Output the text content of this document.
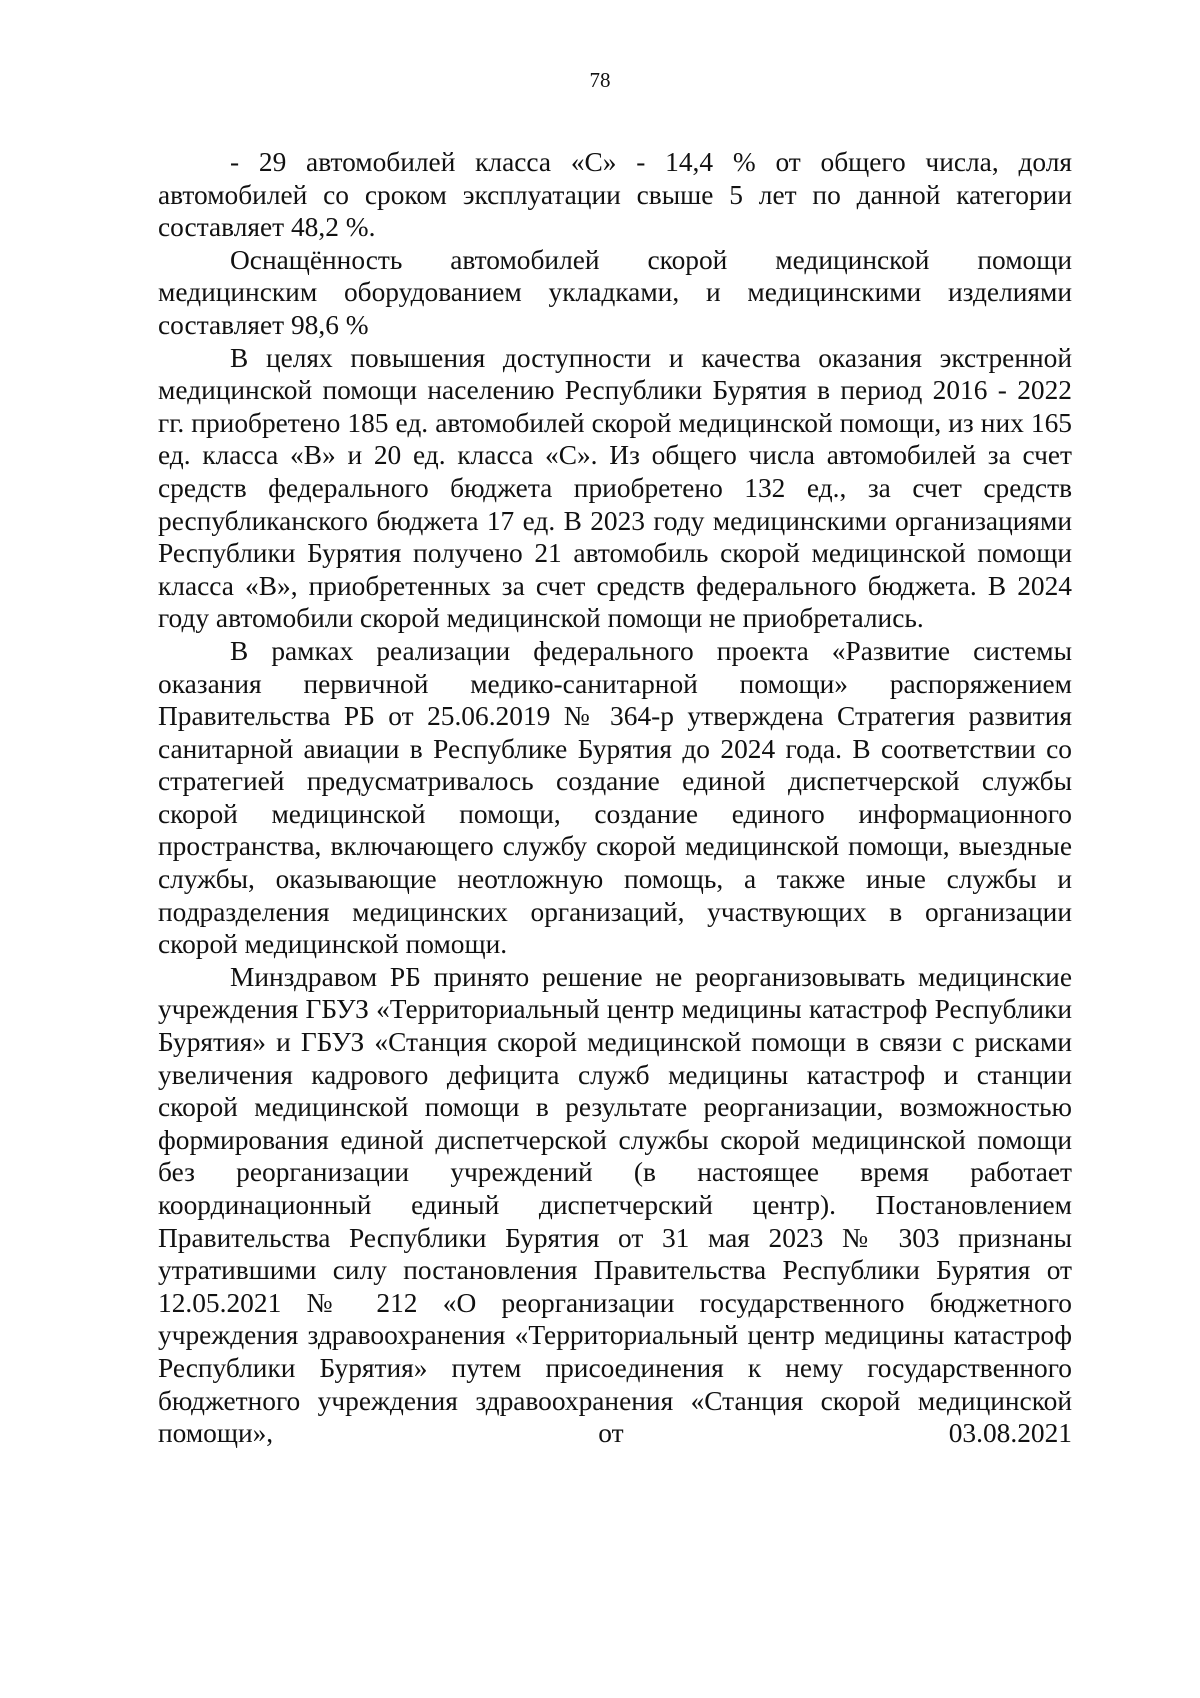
78

- 29 автомобилей класса «С» - 14,4 % от общего числа, доля автомобилей со сроком эксплуатации свыше 5 лет по данной категории составляет 48,2 %.

Оснащённость автомобилей скорой медицинской помощи медицинским оборудованием укладками, и медицинскими изделиями составляет 98,6 %

В целях повышения доступности и качества оказания экстренной медицинской помощи населению Республики Бурятия в период 2016 - 2022 гг. приобретено 185 ед. автомобилей скорой медицинской помощи, из них 165 ед. класса «В» и 20 ед. класса «С». Из общего числа автомобилей за счет средств федерального бюджета приобретено 132 ед., за счет средств республиканского бюджета 17 ед. В 2023 году медицинскими организациями Республики Бурятия получено 21 автомобиль скорой медицинской помощи класса «В», приобретенных за счет средств федерального бюджета. В 2024 году автомобили скорой медицинской помощи не приобретались.

В рамках реализации федерального проекта «Развитие системы оказания первичной медико-санитарной помощи» распоряжением Правительства РБ от 25.06.2019 № 364-р утверждена Стратегия развития санитарной авиации в Республике Бурятия до 2024 года. В соответствии со стратегией предусматривалось создание единой диспетчерской службы скорой медицинской помощи, создание единого информационного пространства, включающего службу скорой медицинской помощи, выездные службы, оказывающие неотложную помощь, а также иные службы и подразделения медицинских организаций, участвующих в организации скорой медицинской помощи.

Минздравом РБ принято решение не реорганизовывать медицинские учреждения ГБУЗ «Территориальный центр медицины катастроф Республики Бурятия» и ГБУЗ «Станция скорой медицинской помощи в связи с рисками увеличения кадрового дефицита служб медицины катастроф и станции скорой медицинской помощи в результате реорганизации, возможностью формирования единой диспетчерской службы скорой медицинской помощи без реорганизации учреждений (в настоящее время работает координационный единый диспетчерский центр). Постановлением Правительства Республики Бурятия от 31 мая 2023 № 303 признаны утратившими силу постановления Правительства Республики Бурятия от 12.05.2021 № 212 «О реорганизации государственного бюджетного учреждения здравоохранения «Территориальный центр медицины катастроф Республики Бурятия» путем присоединения к нему государственного бюджетного учреждения здравоохранения «Станция скорой медицинской помощи», от 03.08.2021
